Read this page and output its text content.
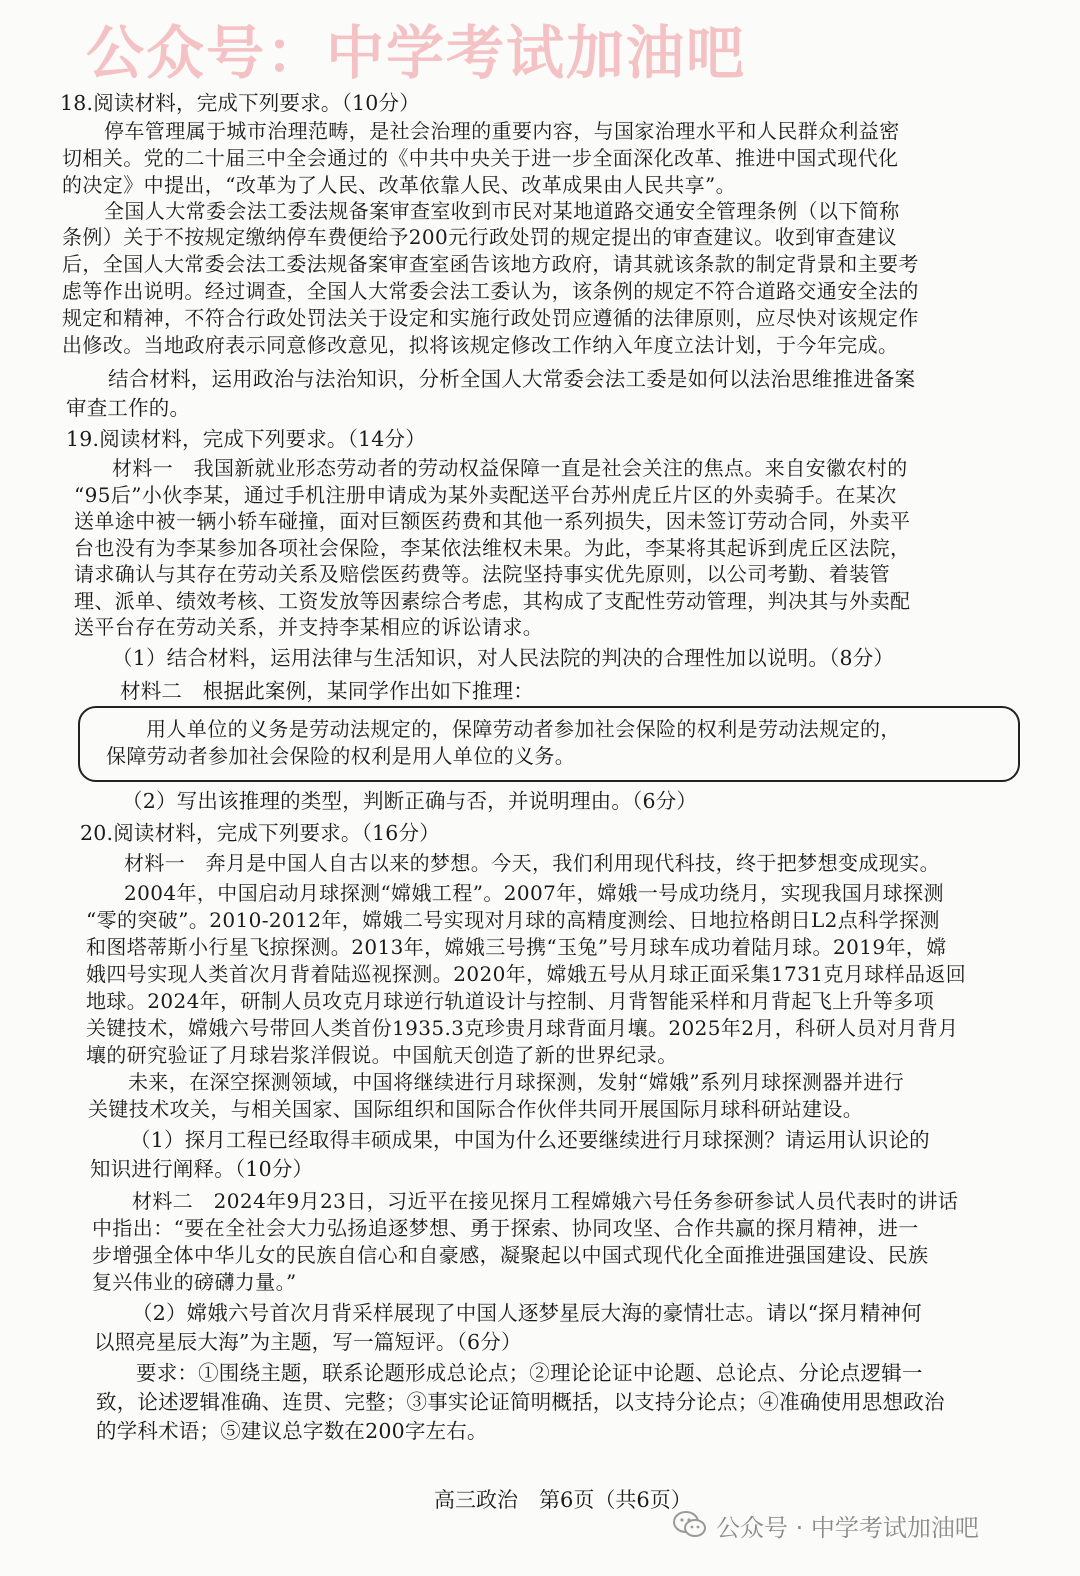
公众号：中学考试加油吧
18.阅读材料，完成下列要求。（10分）
停车管理属于城市治理范畴，是社会治理的重要内容，与国家治理水平和人民群众利益密
切相关。党的二十届三中全会通过的《中共中央关于进一步全面深化改革、推进中国式现代化
的决定》中提出，“改革为了人民、改革依靠人民、改革成果由人民共享”。
全国人大常委会法工委法规备案审查室收到市民对某地道路交通安全管理条例（以下简称
条例）关于不按规定缴纳停车费便给予200元行政处罚的规定提出的审查建议。收到审查建议
后，全国人大常委会法工委法规备案审查室函告该地方政府，请其就该条款的制定背景和主要考
虑等作出说明。经过调查，全国人大常委会法工委认为，该条例的规定不符合道路交通安全法的
规定和精神，不符合行政处罚法关于设定和实施行政处罚应遵循的法律原则，应尽快对该规定作
出修改。当地政府表示同意修改意见，拟将该规定修改工作纳入年度立法计划，于今年完成。
结合材料，运用政治与法治知识，分析全国人大常委会法工委是如何以法治思维推进备案
审查工作的。
19.阅读材料，完成下列要求。（14分）
材料一　我国新就业形态劳动者的劳动权益保障一直是社会关注的焦点。来自安徽农村的
“95后”小伙李某，通过手机注册申请成为某外卖配送平台苏州虎丘片区的外卖骑手。在某次
送单途中被一辆小轿车碰撞，面对巨额医药费和其他一系列损失，因未签订劳动合同，外卖平
台也没有为李某参加各项社会保险，李某依法维权未果。为此，李某将其起诉到虎丘区法院，
请求确认与其存在劳动关系及赔偿医药费等。法院坚持事实优先原则，以公司考勤、着装管
理、派单、绩效考核、工资发放等因素综合考虑，其构成了支配性劳动管理，判决其与外卖配
送平台存在劳动关系，并支持李某相应的诉讼请求。
（1）结合材料，运用法律与生活知识，对人民法院的判决的合理性加以说明。（8分）
材料二　根据此案例，某同学作出如下推理：
用人单位的义务是劳动法规定的，保障劳动者参加社会保险的权利是劳动法规定的，
保障劳动者参加社会保险的权利是用人单位的义务。
（2）写出该推理的类型，判断正确与否，并说明理由。（6分）
20.阅读材料，完成下列要求。（16分）
材料一　奔月是中国人自古以来的梦想。今天，我们利用现代科技，终于把梦想变成现实。
2004年，中国启动月球探测“嫦娥工程”。2007年，嫦娥一号成功绕月，实现我国月球探测
“零的突破”。2010-2012年，嫦娥二号实现对月球的高精度测绘、日地拉格朗日L2点科学探测
和图塔蒂斯小行星飞掠探测。2013年，嫦娥三号携“玉兔”号月球车成功着陆月球。2019年，嫦
娥四号实现人类首次月背着陆巡视探测。2020年，嫦娥五号从月球正面采集1731克月球样品返回
地球。2024年，研制人员攻克月球逆行轨道设计与控制、月背智能采样和月背起飞上升等多项
关键技术，嫦娥六号带回人类首份1935.3克珍贵月球背面月壤。2025年2月，科研人员对月背月
壤的研究验证了月球岩浆洋假说。中国航天创造了新的世界纪录。
未来，在深空探测领域，中国将继续进行月球探测，发射“嫦娥”系列月球探测器并进行
关键技术攻关，与相关国家、国际组织和国际合作伙伴共同开展国际月球科研站建设。
（1）探月工程已经取得丰硕成果，中国为什么还要继续进行月球探测？请运用认识论的
知识进行阐释。（10分）
材料二　2024年9月23日，习近平在接见探月工程嫦娥六号任务参研参试人员代表时的讲话
中指出：“要在全社会大力弘扬追逐梦想、勇于探索、协同攻坚、合作共赢的探月精神，进一
步增强全体中华儿女的民族自信心和自豪感，凝聚起以中国式现代化全面推进强国建设、民族
复兴伟业的磅礴力量。”
（2）嫦娥六号首次月背采样展现了中国人逐梦星辰大海的豪情壮志。请以“探月精神何
以照亮星辰大海”为主题，写一篇短评。（6分）
要求：①围绕主题，联系论题形成总论点；②理论论证中论题、总论点、分论点逻辑一
致，论述逻辑准确、连贯、完整；③事实论证简明概括，以支持分论点；④准确使用思想政治
的学科术语；⑤建议总字数在200字左右。
高三政治　第6页（共6页）
公众号 · 中学考试加油吧
